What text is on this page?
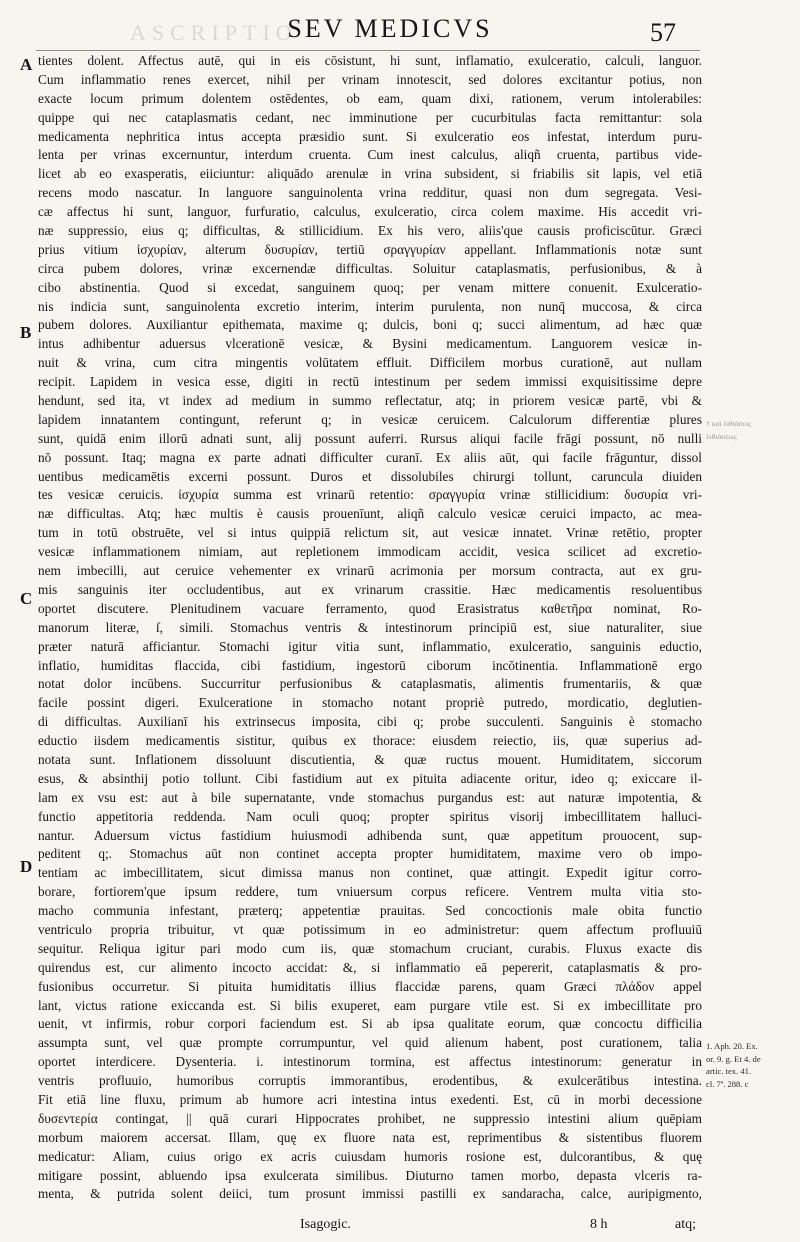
ASCRIPTIO
SEV MEDICVS	57
A
B
C
D
tientes dolent. Affectus autē, qui in eis cōsistunt, hi sunt, inflamatio, exulceratio, calculi, languor.
Cum inflammatio renes exercet, nihil per vrinam innotescit, sed dolores excitantur potius, non
exacte locum primum dolentem ostēdentes, ob eam, quam dixi, rationem, verum intolerabiles:
quippe qui nec cataplasmatis cedant, nec imminutione per cucurbitulas facta remittantur: sola
medicamenta nephritica intus accepta præsidio sunt. Si exulceratio eos infestat, interdum puru-
lenta per vrinas excernuntur, interdum cruenta. Cum inest calculus, aliqñ cruenta, partibus vide-
licet ab eo exasperatis, eiiciuntur: aliquādo arenulæ in vrina subsident, si friabilis sit lapis, vel etiā
recens modo nascatur. In languore sanguinolenta vrina redditur, quasi non dum segregata. Vesi-
cæ affectus hi sunt, languor, furfuratio, calculus, exulceratio, circa colem maxime. His accedit vri-
næ suppressio, eius q; difficultas, & stillicidium. Ex his vero, aliis'que causis proficiscūtur. Græci
prius vitium ἰσχυρίαν, alterum δυσυρίαν, tertiū σραγγυρίαν appellant. Inflammationis notæ sunt
circa pubem dolores, vrinæ excernendæ difficultas. Soluitur cataplasmatis, perfusionibus, & à
cibo abstinentia. Quod si excedat, sanguinem quoq; per venam mittere conuenit. Exulceratio-
nis indicia sunt, sanguinolenta excretio interim, interim purulenta, non nunq̄ muccosa, & circa
pubem dolores. Auxiliantur epithemata, maxime q; dulcis, boni q; succi alimentum, ad hæc quæ
intus adhibentur aduersus vlcerationē vesicæ, & Bysini medicamentum. Languorem vesicæ in-
nuit & vrina, cum citra mingentis volūtatem effluit. Difficilem morbus curationē, aut nullam
recipit. Lapidem in vesica esse, digiti in rectū intestinum per sedem immissi exquisitissime depre
hendunt, sed ita, vt index ad medium in summo reflectatur, atq; in priorem vesicæ partē, vbi &
lapidem innatantem contingunt, referunt q; in vesicæ ceruicem. Calculorum differentiæ plures
sunt, quidā enim illorū adnati sunt, alij possunt auferri. Rursus aliqui facile frāgi possunt, nō nulli
nō possunt. Itaq; magna ex parte adnati difficulter curanī. Ex aliis aūt, qui facile frāguntur, dissol
uentibus medicamētis excerni possunt. Duros et dissolubiles chirurgi tollunt, caruncula diuiden
tes vesicæ ceruicis. ἰσχυρία summa est vrinarū retentio: σραγγυρία vrinæ stillicidium: δυσυρία vri-
næ difficultas. Atq; hæc multis è causis prouenīunt, aliqñ calculo vesicæ ceruici impacto, ac mea-
tum in totū obstruēte, vel si intus quippiā relictum sit, aut vesicæ innatet. Vrinæ retētio, propter
vesicæ inflammationem nimiam, aut repletionem immodicam accidit, vesica scilicet ad excretio-
nem imbecilli, aut ceruice vehementer ex vrinarū acrimonia per morsum contracta, aut ex gru-
mis sanguinis iter occludentibus, aut ex vrinarum crassitie. Hæc medicamentis resoluentibus
oportet discutere. Plenitudinem vacuare ferramento, quod Erasistratus καθετῆρα nominat, Ro-
manorum literæ, ſ, simili. Stomachus ventris & intestinorum principiū est, siue naturaliter, siue
præter naturā afficiantur. Stomachi igitur vitia sunt, inflammatio, exulceratio, sanguinis eductio,
inflatio, humiditas flaccida, cibi fastidium, ingestorū ciborum incōtinentia. Inflammationē ergo
notat dolor incūbens. Succurritur perfusionibus & cataplasmatis, alimentis frumentariis, & quæ
facile possint digeri. Exulceratione in stomacho notant propriè putredo, mordicatio, deglutien-
di difficultas. Auxilianī his extrinsecus imposita, cibi q; probe succulenti. Sanguinis è stomacho
eductio iisdem medicamentis sistitur, quibus ex thorace: eiusdem reiectio, iis, quæ superius ad-
notata sunt. Inflationem dissoluunt discutientia, & quæ ructus mouent. Humiditatem, siccorum
esus, & absinthij potio tollunt. Cibi fastidium aut ex pituita adiacente oritur, ideo q; exiccare il-
lam ex vsu est: aut à bile supernatante, vnde stomachus purgandus est: aut naturæ impotentia, &
functio appetitoria reddenda. Nam oculi quoq; propter spiritus visorij imbecillitatem halluci-
nantur. Aduersum victus fastidium huiusmodi adhibenda sunt, quæ appetitum prouocent, sup-
peditent q;. Stomachus aūt non continet accepta propter humiditatem, maxime vero ob impo-
tentiam ac imbecillitatem, sicut dimissa manus non continet, quæ attingit. Expedit igitur corro-
borare, fortiorem'que ipsum reddere, tum vniuersum corpus reficere. Ventrem multa vitia sto-
macho communia infestant, præterq; appetentiæ prauitas. Sed concoctionis male obita functio
ventriculo propria tribuitur, vt quæ potissimum in eo administretur: quem affectum profluuiū
sequitur. Reliqua igitur pari modo cum iis, quæ stomachum cruciant, curabis. Fluxus exacte dis
quirendus est, cur alimento incocto accidat: &, si inflammatio eā pepererit, cataplasmatis & pro-
fusionibus occurretur. Si pituita humiditatis illius flaccidæ parens, quam Græci πλάδον appel
lant, victus ratione exiccanda est. Si bilis exuperet, eam purgare vtile est. Si ex imbecillitate pro
uenit, vt infirmis, robur corpori faciendum est. Si ab ipsa qualitate eorum, quæ concoctu difficilia
assumpta sunt, vel quæ prompte corrumpuntur, vel quid alienum habent, post curationem, talia
oportet interdicere. Dysenteria. i. intestinorum tormina, est affectus intestinorum: generatur in
ventris profluuio, humoribus corruptis immorantibus, erodentibus, & exulcerātibus intestina.
Fit etiā line fluxu, primum ab humore acri intestina intus exedenti. Est, cū in morbi decessione
δυσεντερία contingat, || quā curari Hippocrates prohibet, ne suppressio intestini alium quēpiam
morbum maiorem accersat. Illam, quę ex fluore nata est, reprimentibus & sistentibus fluorem
medicatur: Aliam, cuius origo ex acris cuiusdam humoris rosione est, dulcorantibus, & quę
mitigare possint, abluendo ipsa exulcerata similibus. Diuturno tamen morbo, depasta vlceris ra-
menta, & putrida solent deiici, tum prosunt immissi pastilli ex sandaracha, calce, auripigmento,
† καὶ λιθιάσεις
λιθιάσεως
1. Aph. 20. Ex.
or. 9. g. Et 4. de
artic. tex. 41.
cl. 7ª. 288. c
Isagogic.	8 h	atq;
